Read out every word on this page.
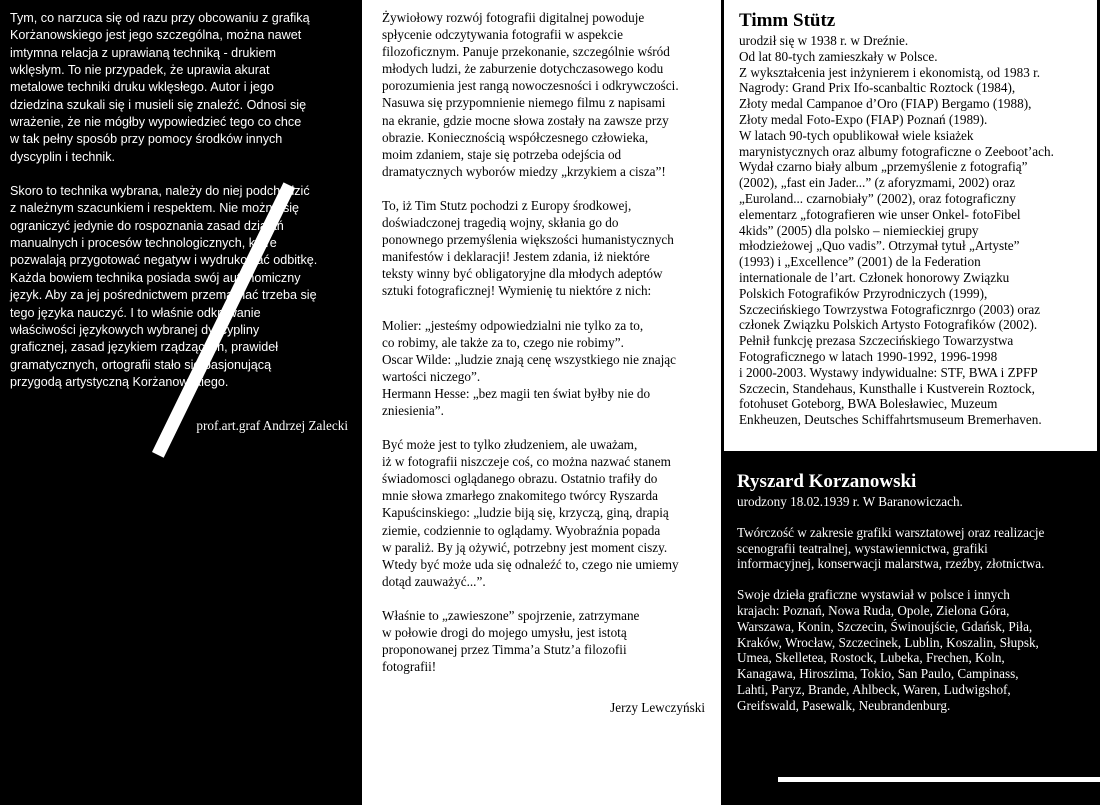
Tym, co narzuca się od razu przy obcowaniu z grafiką
Korżanowskiego jest jego szczególna, można nawet
imtymna relacja z uprawianą techniką - drukiem
wklęsłym. To nie przypadek, że uprawia akurat
metalowe techniki druku wklęsłego. Autor i jego
dziedzina szukali się i musieli się znaleźć. Odnosi się
wrażenie, że nie mógłby wypowiedzieć tego co chce
w tak pełny sposób przy pomocy środków innych
dyscyplin i technik.

Skoro to technika wybrana, należy do niej podchodzić
z należnym szacunkiem i respektem. Nie można się
ograniczyć jedynie do rospoznania zasad działań
manualnych i procesów technologicznych, które
pozwalają przygotować negatyw i wydrukować odbitkę.
Każda bowiem technika posiada swój autonomiczny
język. Aby za jej pośrednictwem przemawiać trzeba się
tego języka nauczyć. I to właśnie odkrywanie
właściwości językowych wybranej dyscypliny
graficznej, zasad językiem rządzących, prawideł
gramatycznych, ortografii stało się pasjonującą
przygodą artystyczną Korżanowskiego.

prof.art.graf Andrzej Zalecki

Żywiołowy rozwój fotografii digitalnej powoduje
spłycenie odczytywania fotografii w aspekcie
filozoficznym. Panuje przekonanie, szczególnie wśród
młodych ludzi, że zaburzenie dotychczasowego kodu
porozumienia jest rangą nowoczesności i odkrywczości.
Nasuwa się przypomnienie niemego filmu z napisami
na ekranie, gdzie mocne słowa zostały na zawsze przy
obrazie. Koniecznością współczesnego człowieka,
moim zdaniem, staje się potrzeba odejścia od
dramatycznych wyborów miedzy „krzykiem a cisza”!

To, iż Tim Stutz pochodzi z Europy środkowej,
doświadczonej tragedią wojny, skłania go do
ponownego przemyślenia większości humanistycznych
manifestów i deklaracji! Jestem zdania, iż niektóre
teksty winny być obligatoryjne dla młodych adeptów
sztuki fotograficznej! Wymienię tu niektóre z nich:

Molier: „jesteśmy odpowiedzialni nie tylko za to,
co robimy, ale także za to, czego nie robimy”.
Oscar Wilde: „ludzie znają cenę wszystkiego nie znając
wartości niczego”.
Hermann Hesse: „bez magii ten świat byłby nie do
zniesienia”.

Być może jest to tylko złudzeniem, ale uważam,
iż w fotografii niszczeje coś, co można nazwać stanem
świadomosci oglądanego obrazu. Ostatnio trafiły do
mnie słowa zmarłego znakomitego twórcy Ryszarda
Kapuścinskiego: „ludzie biją się, krzyczą, giną, drapią
ziemie, codziennie to oglądamy. Wyobraźnia popada
w paraliż. By ją ożywić, potrzebny jest moment ciszy.
Wtedy być może uda się odnaleźć to, czego nie umiemy
dotąd zauważyć...”.

Właśnie to „zawieszone” spojrzenie, zatrzymane
w połowie drogi do mojego umysłu, jest istotą
proponowanej przez Timma’a Stutz’a filozofii
fotografii!

Jerzy Lewczyński

Timm Stütz
urodził się w 1938 r. w Dreźnie.
Od lat 80-tych zamieszkały w Polsce.
Z wykształcenia jest inżynierem i ekonomistą, od 1983 r.
Nagrody: Grand Prix Ifo-scanbaltic Roztock (1984),
Złoty medal Campanoe d’Oro (FIAP) Bergamo (1988),
Złoty medal Foto-Expo (FIAP) Poznań (1989).
W latach 90-tych opublikował wiele ksiażek
marynistycznych oraz albumy fotograficzne o Zeeboot’ach.
Wydał czarno biały album „przemyślenie z fotografią”
(2002), „fast ein Jader...” (z aforyzmami, 2002) oraz
„Euroland... czarnobiały” (2002), oraz fotograficzny
elementarz „fotografieren wie unser Onkel- fotoFibel
4kids” (2005) dla polsko – niemieckiej grupy
młodzieżowej „Quo vadis”. Otrzymał tytuł „Artyste”
(1993) i „Excellence” (2001) de la Federation
internationale de l’art. Członek honorowy Związku
Polskich Fotografików Przyrodniczych (1999),
Szczecińskiego Towrzystwa Fotograficznrgo (2003) oraz
członek Związku Polskich Artysto Fotografików (2002).
Pełnił funkcję prezasa Szczecińskiego Towarzystwa
Fotograficznego w latach 1990-1992, 1996-1998
i 2000-2003. Wystawy indywidualne: STF, BWA i ZPFP
Szczecin, Standehaus, Kunsthalle i Kustverein Roztock,
fotohuset Goteborg, BWA Bolesławiec, Muzeum
Enkheuzen, Deutsches Schiffahrtsmuseum Bremerhaven.
Ryszard Korzanowski

urodzony 18.02.1939 r. W Baranowiczach.

Twórczość w zakresie grafiki warsztatowej oraz realizacje
scenografii teatralnej, wystawiennictwa, grafiki
informacyjnej, konserwacji malarstwa, rzeźby, złotnictwa.

Swoje dzieła graficzne wystawiał w polsce i innych
krajach: Poznań, Nowa Ruda, Opole, Zielona Góra,
Warszawa, Konin, Szczecin, Świnoujście, Gdańsk, Piła,
Kraków, Wrocław, Szczecinek, Lublin, Koszalin, Słupsk,
Umea, Skelletea, Rostock, Lubeka, Frechen, Koln,
Kanagawa, Hiroszima, Tokio, San Paulo, Campinass,
Lahti, Paryz, Brande, Ahlbeck, Waren, Ludwigshof,
Greifswald, Pasewalk, Neubrandenburg.
